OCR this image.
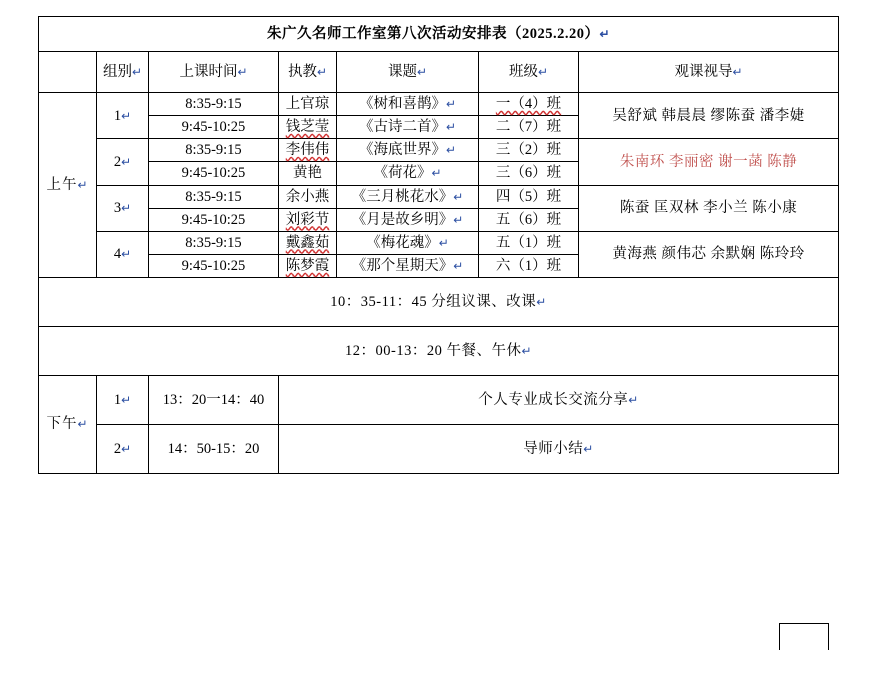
朱广久名师工作室第八次活动安排表（2025.2.20）↵						
	组别↵	上课时间↵	执教↵	课题↵	班级↵	观课视导↵
上午↵	1↵	8:35-9:15	上官琼	《树和喜鹊》↵	一（4）班	吴舒斌 韩晨晨 缪陈蚕 潘李婕
		9:45-10:25	钱芝莹	《古诗二首》↵	二（7）班	
	2↵	8:35-9:15	李伟伟	《海底世界》↵	三（2）班	朱南环 李丽密 谢一菡 陈静
		9:45-10:25	黄艳	《荷花》↵	三（6）班	
	3↵	8:35-9:15	余小燕	《三月桃花水》↵	四（5）班	陈蚕 匡双林 李小兰 陈小康
		9:45-10:25	刘彩节	《月是故乡明》↵	五（6）班	
	4↵	8:35-9:15	戴鑫茹	《梅花魂》↵	五（1）班	黄海燕 颜伟芯 余默娴 陈玲玲
		9:45-10:25	陈梦霞	《那个星期天》↵	六（1）班	
10：35-11：45 分组议课、改课↵						
12：00-13：20 午餐、午休↵						
下午↵	1↵	13：20一14：40	个人专业成长交流分享↵			
	2↵	14：50-15：20	导师小结↵			
